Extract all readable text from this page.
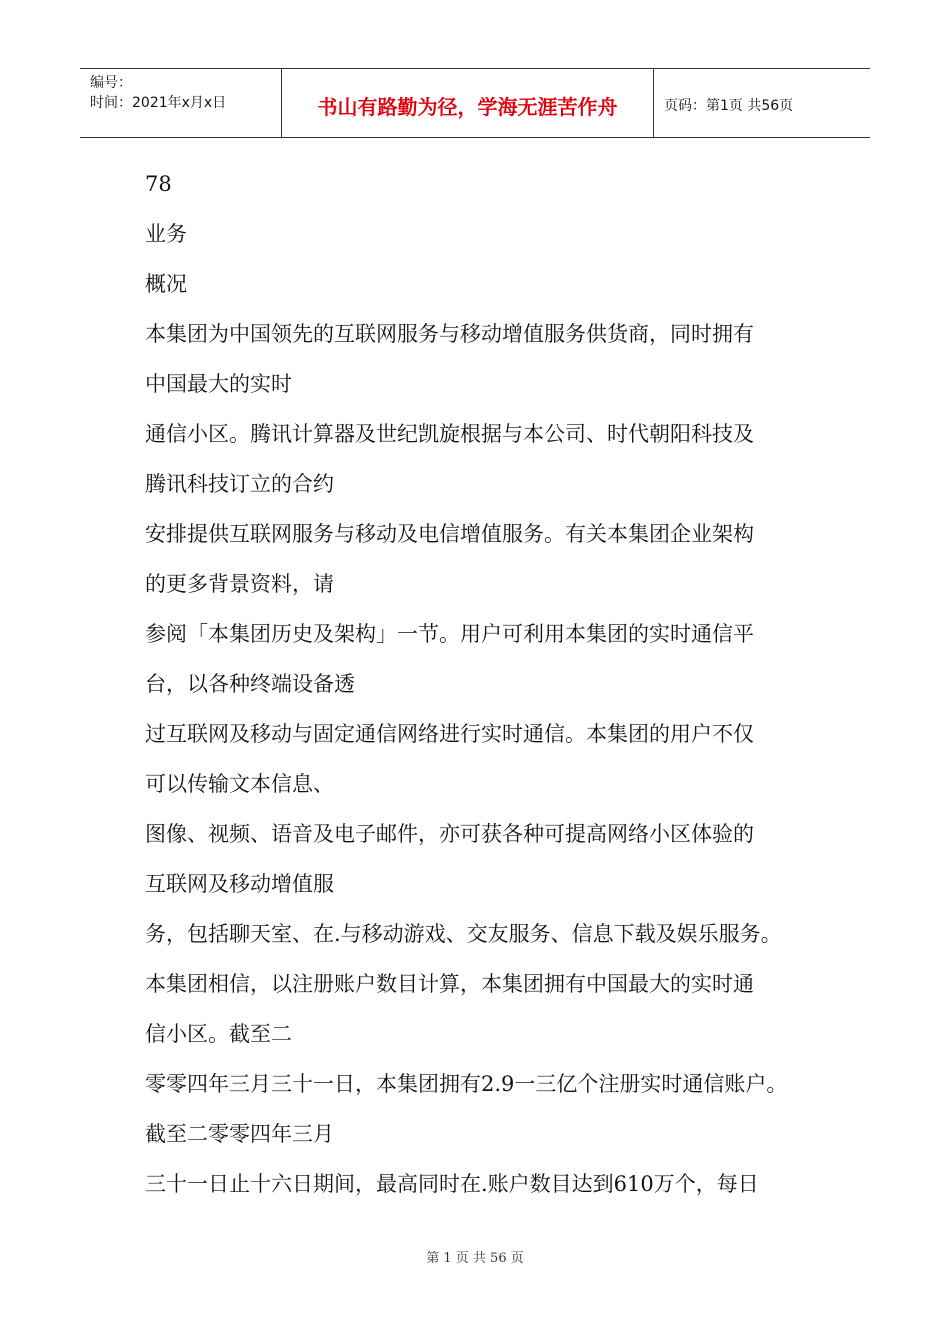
编号：
时间：2021年x月x日	书山有路勤为径，学海无涯苦作舟	页码：第1页 共56页
78
业务
概况
本集团为中国领先的互联网服务与移动增值服务供货商，同时拥有
中国最大的实时
通信小区。腾讯计算器及世纪凯旋根据与本公司、时代朝阳科技及
腾讯科技订立的合约
安排提供互联网服务与移动及电信增值服务。有关本集团企业架构
的更多背景资料，请
参阅「本集团历史及架构」一节。用户可利用本集团的实时通信平
台，以各种终端设备透
过互联网及移动与固定通信网络进行实时通信。本集团的用户不仅
可以传输文本信息、
图像、视频、语音及电子邮件，亦可获各种可提高网络小区体验的
互联网及移动增值服
务，包括聊天室、在.与移动游戏、交友服务、信息下载及娱乐服务。
本集团相信，以注册账户数目计算，本集团拥有中国最大的实时通
信小区。截至二
零零四年三月三十一日，本集团拥有2.9一三亿个注册实时通信账户。
截至二零零四年三月
三十一日止十六日期间，最高同时在.账户数目达到610万个，每日
第 1 页 共 56 页
